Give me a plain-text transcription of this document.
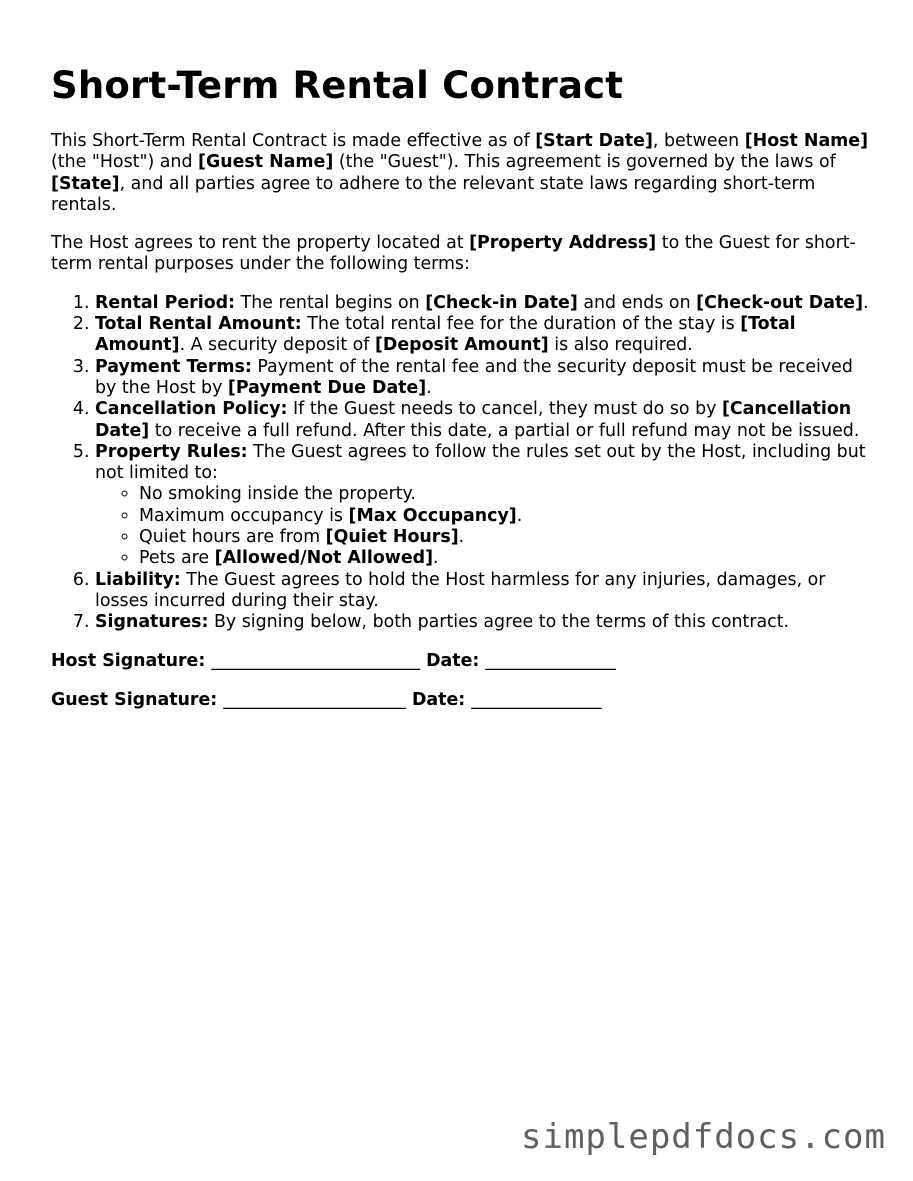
Short-Term Rental Contract

This Short-Term Rental Contract is made effective as of [Start Date], between [Host Name] (the "Host") and [Guest Name] (the "Guest"). This agreement is governed by the laws of [State], and all parties agree to adhere to the relevant state laws regarding short-term rentals.

The Host agrees to rent the property located at [Property Address] to the Guest for short-term rental purposes under the following terms:

1. Rental Period: The rental begins on [Check-in Date] and ends on [Check-out Date].
2. Total Rental Amount: The total rental fee for the duration of the stay is [Total Amount]. A security deposit of [Deposit Amount] is also required.
3. Payment Terms: Payment of the rental fee and the security deposit must be received by the Host by [Payment Due Date].
4. Cancellation Policy: If the Guest needs to cancel, they must do so by [Cancellation Date] to receive a full refund. After this date, a partial or full refund may not be issued.
5. Property Rules: The Guest agrees to follow the rules set out by the Host, including but not limited to:
◦ No smoking inside the property.
◦ Maximum occupancy is [Max Occupancy].
◦ Quiet hours are from [Quiet Hours].
◦ Pets are [Allowed/Not Allowed].
6. Liability: The Guest agrees to hold the Host harmless for any injuries, damages, or losses incurred during their stay.
7. Signatures: By signing below, both parties agree to the terms of this contract.
Host Signature: ________________________ Date: _______________
Guest Signature: _____________________ Date: _______________
simplepdfdocs.com
